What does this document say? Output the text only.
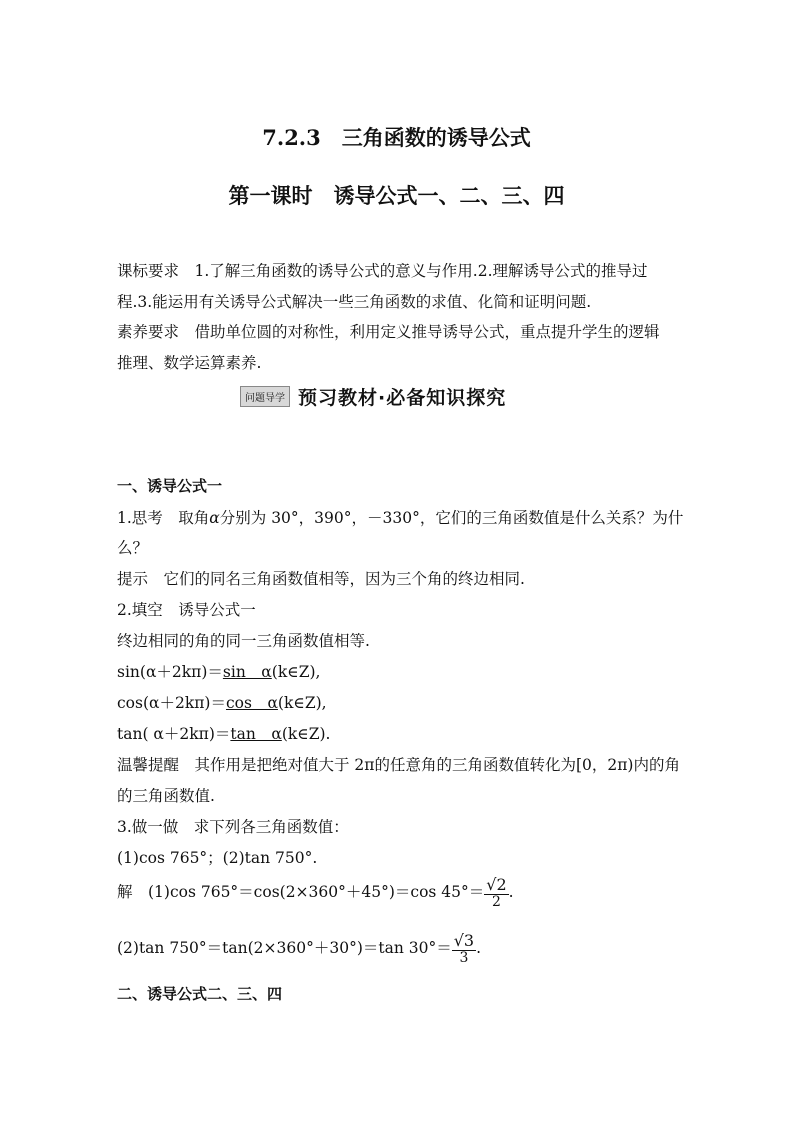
7.2.3　三角函数的诱导公式
第一课时　诱导公式一、二、三、四
课标要求　1.了解三角函数的诱导公式的意义与作用.2.理解诱导公式的推导过
程.3.能运用有关诱导公式解决一些三角函数的求值、化简和证明问题.
素养要求　借助单位圆的对称性，利用定义推导诱导公式，重点提升学生的逻辑
推理、数学运算素养.
问题导学 预习教材·必备知识探究
一、诱导公式一
1.思考　取角α分别为 30°，390°，－330°，它们的三角函数值是什么关系？为什
么？
提示　它们的同名三角函数值相等，因为三个角的终边相同.
2.填空　诱导公式一
终边相同的角的同一三角函数值相等.
sin(α＋2kπ)＝sin　α(k∈Z),
cos(α＋2kπ)＝cos　α(k∈Z),
tan( α＋2kπ)＝tan　α(k∈Z).
温馨提醒　其作用是把绝对值大于 2π的任意角的三角函数值转化为[0，2π)内的角
的三角函数值.
3.做一做　求下列各三角函数值：
(1)cos 765°；(2)tan 750°.
解　(1)cos 765°＝cos(2×360°＋45°)＝cos $45^\circ= \frac{√2}{2}$ .
(2)tan 750°＝tan(2×360°＋30°)＝tan $30^\circ= \frac{√3}{3}$ .
二、诱导公式二、三、四
